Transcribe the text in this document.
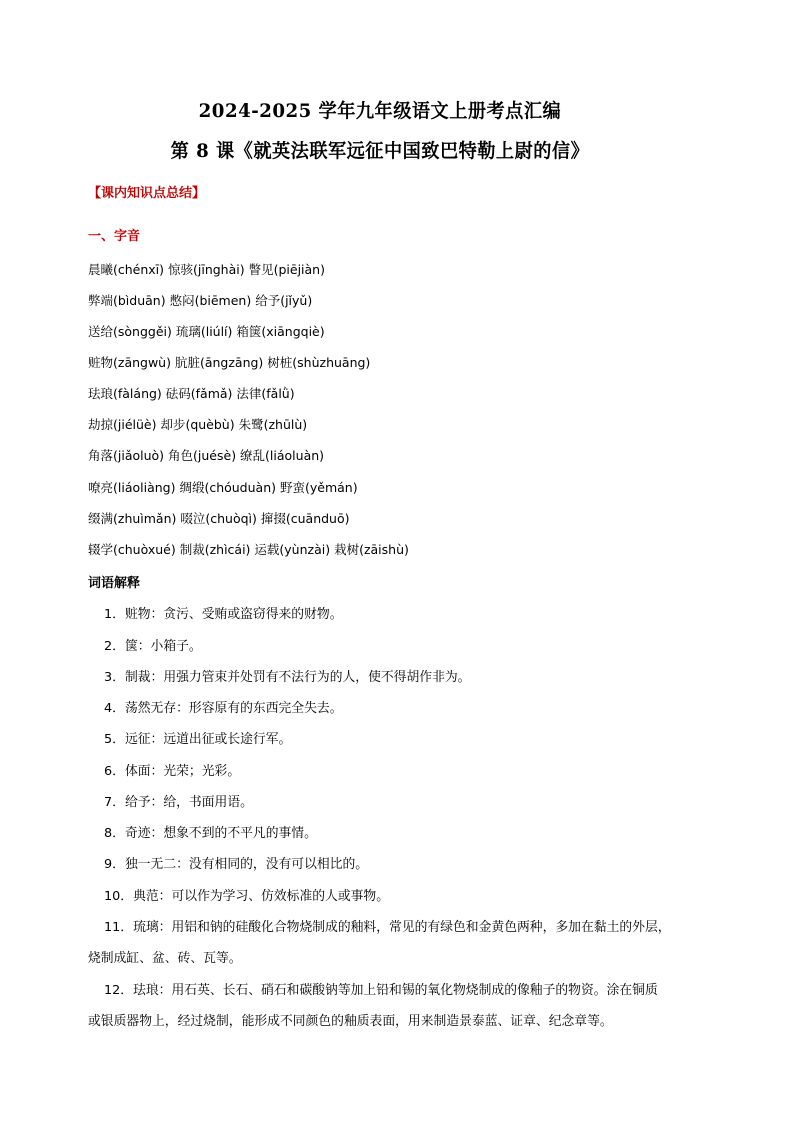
2024-2025 学年九年级语文上册考点汇编
第 8 课《就英法联军远征中国致巴特勒上尉的信》
【课内知识点总结】
一、字音
晨曦(chénxī) 惊骇(jīnghài) 瞥见(piējiàn)
弊端(bìduān) 憋闷(biēmen) 给予(jǐyǔ)
送给(sònggěi) 琉璃(liúlí) 箱箧(xiāngqiè)
赃物(zāngwù) 肮脏(āngzāng) 树桩(shùzhuāng)
珐琅(fàláng) 砝码(fǎmǎ) 法律(fǎlǜ)
劫掠(jiélüè) 却步(quèbù) 朱鹭(zhūlù)
角落(jiǎoluò) 角色(juésè) 缭乱(liáoluàn)
嘹亮(liáoliàng) 绸缎(chóuduàn) 野蛮(yěmán)
缀满(zhuìmǎn) 啜泣(chuòqì) 撺掇(cuānduō)
辍学(chuòxué) 制裁(zhìcái) 运载(yùnzài) 栽树(zāishù)
词语解释
1．赃物：贪污、受贿或盗窃得来的财物。
2．箧：小箱子。
3．制裁：用强力管束并处罚有不法行为的人，使不得胡作非为。
4．荡然无存：形容原有的东西完全失去。
5．远征：远道出征或长途行军。
6．体面：光荣；光彩。
7．给予：给，书面用语。
8．奇迹：想象不到的不平凡的事情。
9．独一无二：没有相同的，没有可以相比的。
10．典范：可以作为学习、仿效标准的人或事物。
11．琉璃：用铝和钠的硅酸化合物烧制成的釉料，常见的有绿色和金黄色两种，多加在黏土的外层，
烧制成缸、盆、砖、瓦等。
12．珐琅：用石英、长石、硝石和碳酸钠等加上铅和锡的氧化物烧制成的像釉子的物资。涂在铜质
或银质器物上，经过烧制，能形成不同颜色的釉质表面，用来制造景泰蓝、证章、纪念章等。
